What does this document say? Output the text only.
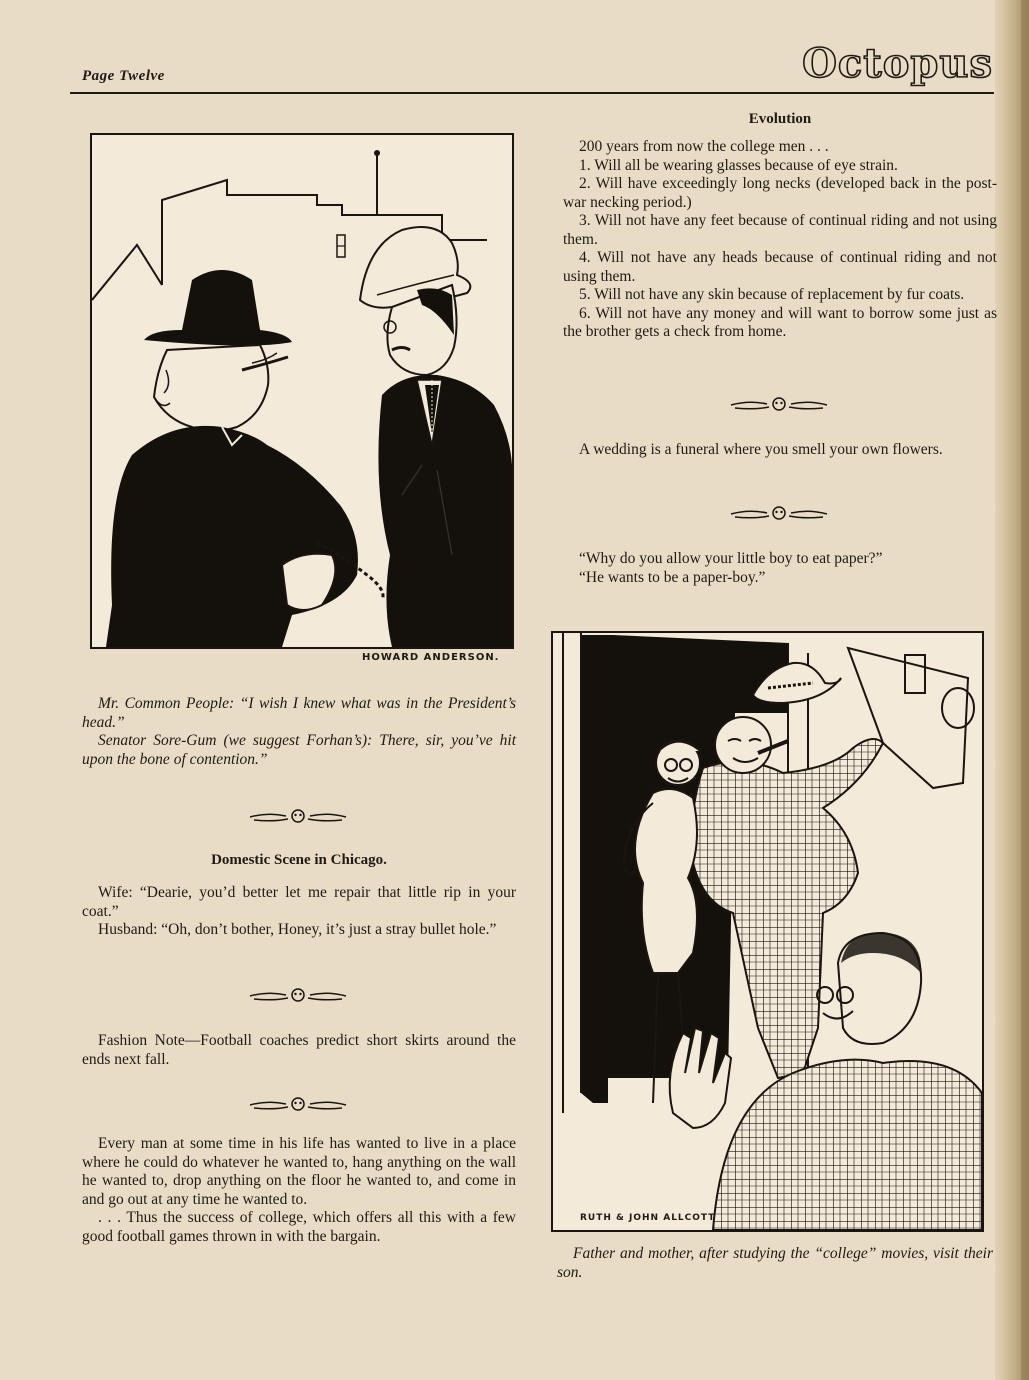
Page Twelve	Octopus
HOWARD ANDERSON.

Mr. Common People: “I wish I knew what was in the President’s head.”

Senator Sore-Gum (we suggest Forhan’s): There, sir, you’ve hit upon the bone of contention.”

Domestic Scene in Chicago.

Wife: “Dearie, you’d better let me repair that little rip in your coat.”

Husband: “Oh, don’t bother, Honey, it’s just a stray bullet hole.”

Fashion Note—Football coaches predict short skirts around the ends next fall.

Every man at some time in his life has wanted to live in a place where he could do whatever he wanted to, hang anything on the wall he wanted to, drop anything on the floor he wanted to, and come in and go out at any time he wanted to.

. . . Thus the success of college, which offers all this with a few good football games thrown in with the bargain.

Evolution

200 years from now the college men . . .

1. Will all be wearing glasses because of eye strain.

2. Will have exceedingly long necks (developed back in the post-war necking period.)

3. Will not have any feet because of continual riding and not using them.

4. Will not have any heads because of continual riding and not using them.

5. Will not have any skin because of replacement by fur coats.

6. Will not have any money and will want to borrow some just as the brother gets a check from home.

A wedding is a funeral where you smell your own flowers.

“Why do you allow your little boy to eat paper?”

“He wants to be a paper-boy.”

RUTH & JOHN ALLCOTT

Father and mother, after studying the “college” movies, visit their son.
